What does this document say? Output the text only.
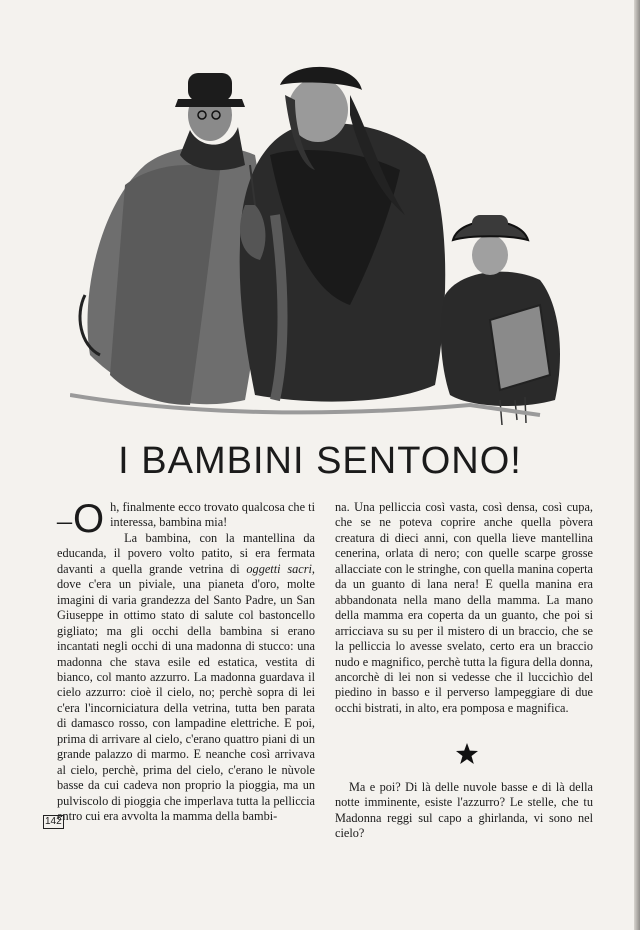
I BAMBINI SENTONO!

– O h, finalmente ecco trovato qualcosa che ti interessa, bambina mia!

La bambina, con la mantellina da educanda, il povero volto patito, si era fermata davanti a quella grande vetrina di oggetti sacri, dove c'era un piviale, una pianeta d'oro, molte imagini di varia grandezza del Santo Padre, un San Giuseppe in ottimo stato di salute col bastoncello gigliato; ma gli occhi della bambina si erano incantati negli occhi di una madonna di stucco: una madonna che stava esile ed estatica, vestita di bianco, col manto azzurro. La madonna guardava il cielo azzurro: cioè il cielo, no; perchè sopra di lei c'era l'incorniciatura della vetrina, tutta ben parata di damasco rosso, con lampadine elettriche. E poi, prima di arrivare al cielo, c'erano quattro piani di un grande palazzo di marmo. E neanche così arrivava al cielo, perchè, prima del cielo, c'erano le nùvole basse da cui cadeva non proprio la pioggia, ma un pulviscolo di pioggia che imperlava tutta la pelliccia entro cui era avvolta la mamma della bambi-

na. Una pelliccia così vasta, così densa, così cupa, che se ne poteva coprire anche quella pòvera creatura di dieci anni, con quella lieve mantellina cenerina, orlata di nero; con quelle scarpe grosse allacciate con le stringhe, con quella manina coperta da un guanto di lana nera! E quella manina era abbandonata nella mano della mamma. La mano della mamma era coperta da un guanto, che poi si arricciava su su per il mistero di un braccio, che se la pelliccia lo avesse svelato, certo era un braccio nudo e magnifico, perchè tutta la figura della donna, ancorchè di lei non si vedesse che il luccichìo del piedino in basso e il perverso lampeggiare di due occhi bistrati, in alto, era pomposa e magnifica.

Ma e poi? Di là delle nuvole basse e di là della notte imminente, esiste l'azzurro? Le stelle, che tu Madonna reggi sul capo a ghirlanda, vi sono nel cielo?

142
